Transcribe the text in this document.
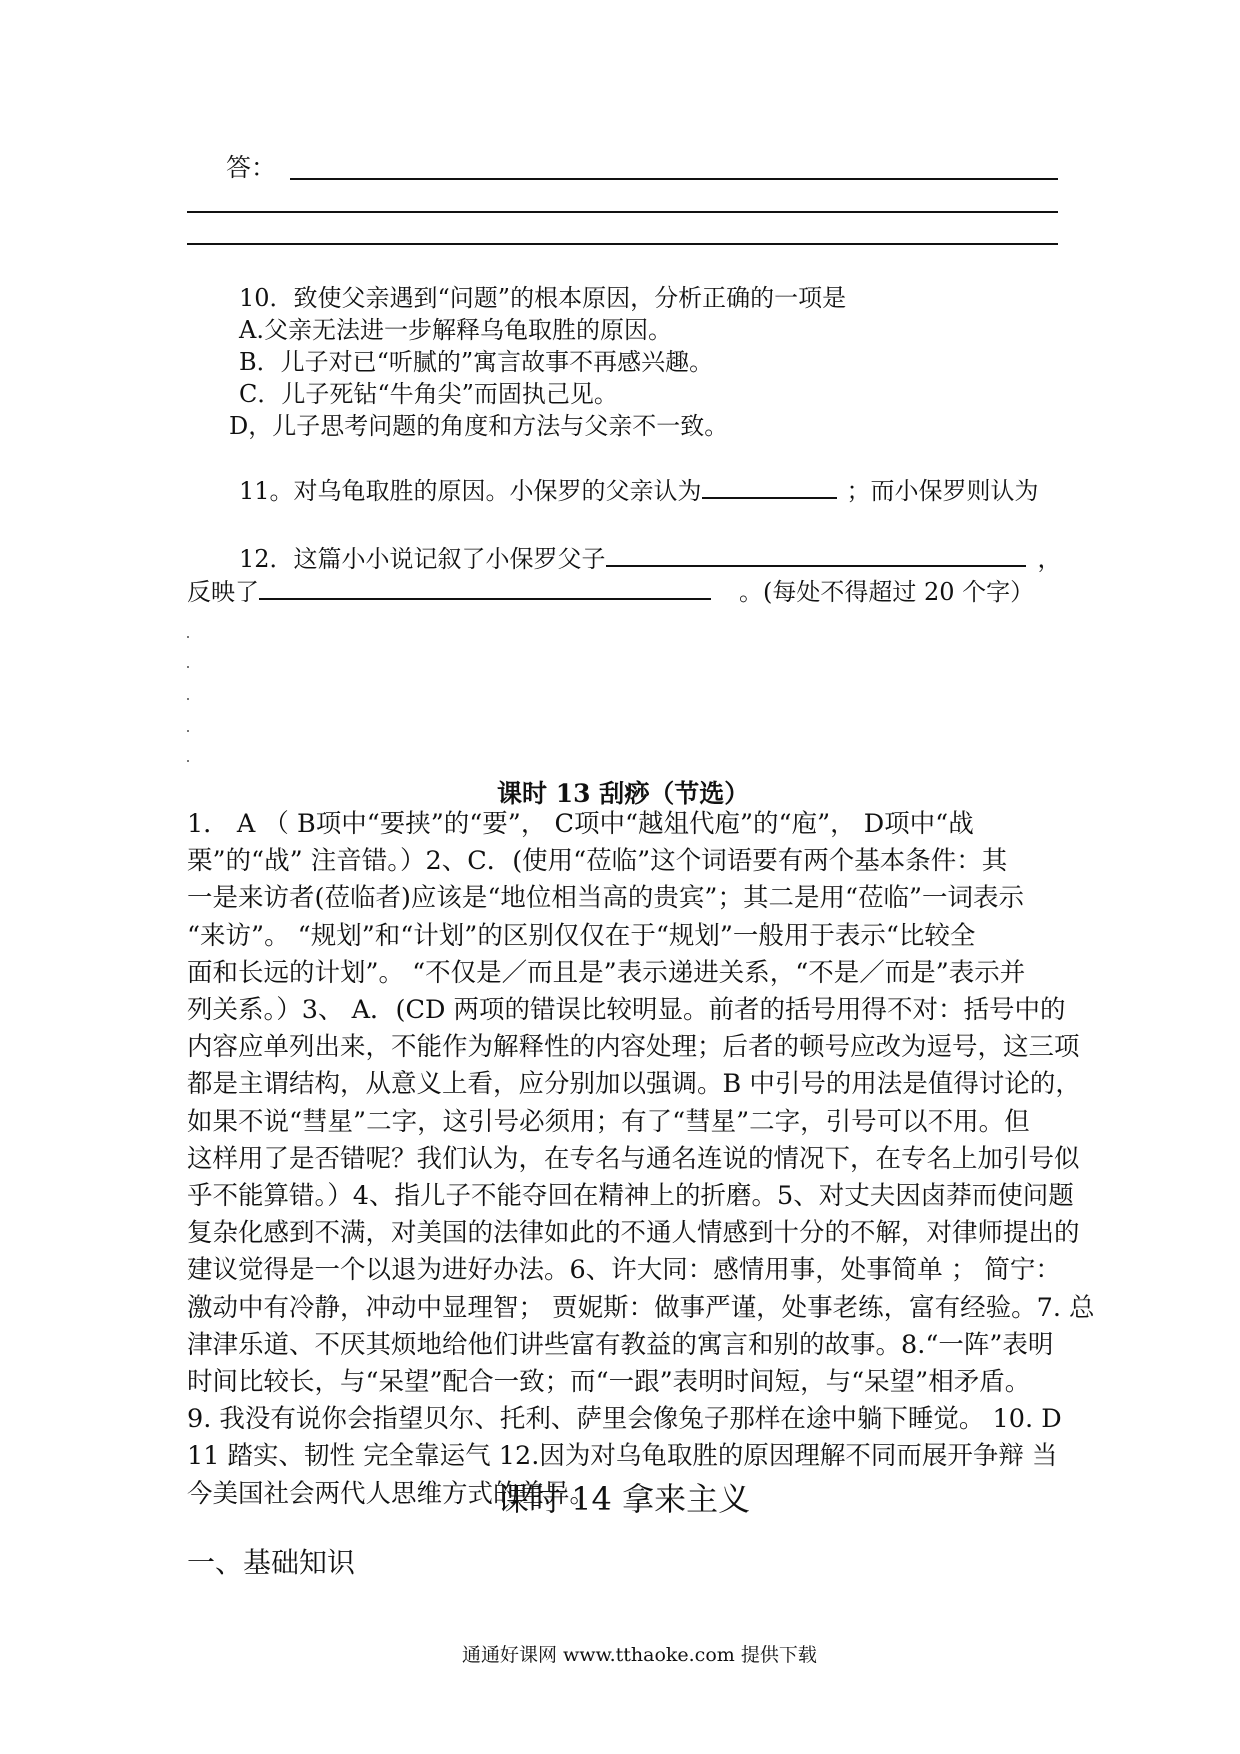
答：
10．致使父亲遇到“问题”的根本原因，分析正确的一项是
A.父亲无法进一步解释乌龟取胜的原因。
B．儿子对已“听腻的”寓言故事不再感兴趣。
C．儿子死钻“牛角尖”而固执己见。
D，儿子思考问题的角度和方法与父亲不一致。
11。对乌龟取胜的原因。小保罗的父亲认为	；而小保罗则认为
12．这篇小小说记叙了小保罗父子	，
反映了	。(每处不得超过 20 个字）
课时 13 刮痧（节选）

1． A （ B项中“要挟”的“要”， C项中“越俎代庖”的“庖”， D项中“战

栗”的“战” 注音错。）2、C．(使用“莅临”这个词语要有两个基本条件：其

一是来访者(莅临者)应该是“地位相当高的贵宾”；其二是用“莅临”一词表示

“来访”。 “规划”和“计划”的区别仅仅在于“规划”一般用于表示“比较全

面和长远的计划”。 “不仅是／而且是”表示递进关系，“不是／而是”表示并

列关系。）3、 A．(CD 两项的错误比较明显。前者的括号用得不对：括号中的

内容应单列出来，不能作为解释性的内容处理；后者的顿号应改为逗号，这三项

都是主谓结构，从意义上看，应分别加以强调。B 中引号的用法是值得讨论的，

如果不说“彗星”二字，这引号必须用；有了“彗星”二字，引号可以不用。但

这样用了是否错呢？我们认为，在专名与通名连说的情况下，在专名上加引号似

乎不能算错。）4、指儿子不能夺回在精神上的折磨。5、对丈夫因卤莽而使问题

复杂化感到不满，对美国的法律如此的不通人情感到十分的不解，对律师提出的

建议觉得是一个以退为进好办法。6、许大同：感情用事，处事简单 ； 简宁：

激动中有冷静，冲动中显理智； 贾妮斯：做事严谨，处事老练，富有经验。7. 总

津津乐道、不厌其烦地给他们讲些富有教益的寓言和别的故事。8.“一阵”表明

时间比较长，与“呆望”配合一致；而“一跟”表明时间短，与“呆望”相矛盾。

9. 我没有说你会指望贝尔、托利、萨里会像兔子那样在途中躺下睡觉。 10. D

11 踏实、韧性 完全靠运气 12.因为对乌龟取胜的原因理解不同而展开争辩 当

今美国社会两代人思维方式的差异。

课时 14 拿来主义
一、基础知识
通通好课网 www.tthaoke.com 提供下载
